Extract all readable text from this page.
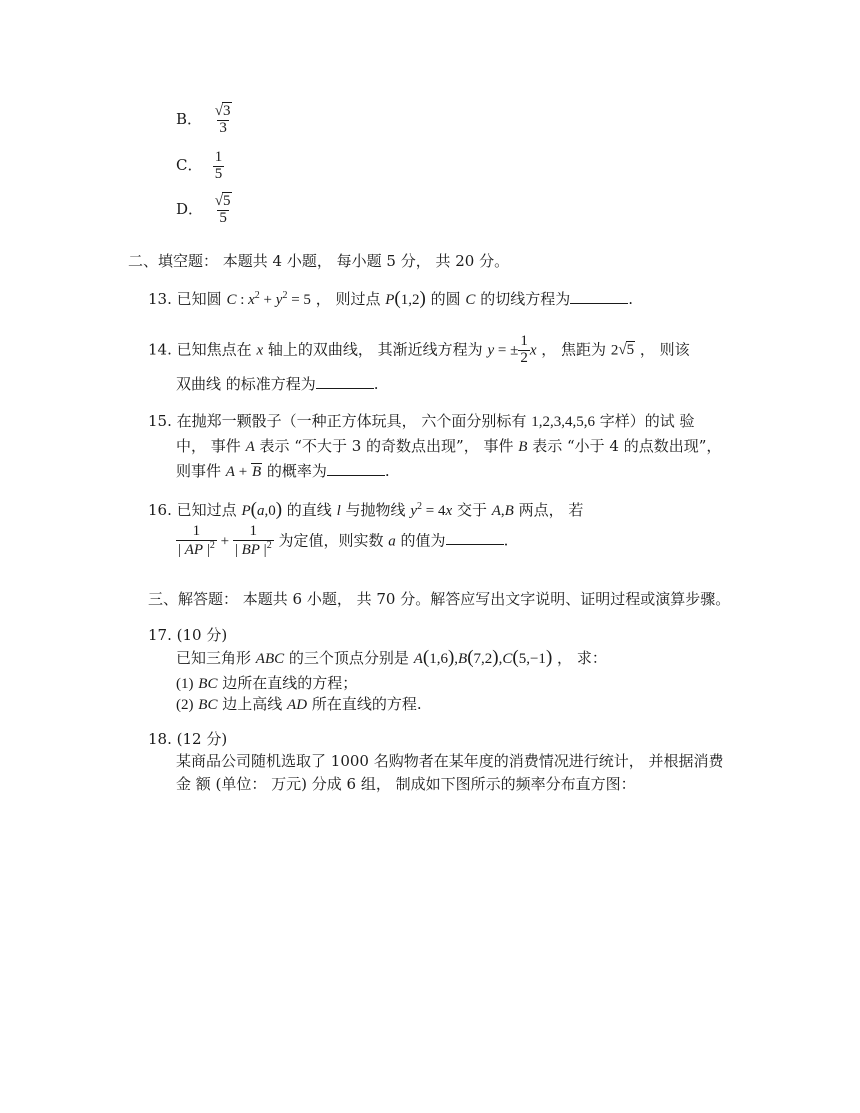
B． $\frac{√3}{3}$
C． $\frac{1}{5}$
D． $\frac{√5}{5}$
二、填空题： 本题共 4 小题， 每小题 5 分， 共 20 分。
13. 已知圆 C : $x^2 + y^2 = 5$ ， 则过点 P(1,2) 的圆 C 的切线方程为	.
14. 已知焦点在 x 轴上的双曲线， 其渐近线方程为 y = ± $\frac{1}{2}$ x ， 焦距为 2√5 ， 则该
双曲线 的标准方程为	.
15. 在抛郑一颗骰子（一种正方体玩具， 六个面分别标有 1,2,3,4,5,6 字样）的试 验
中， 事件 A 表示 “不大于 3 的奇数点出现”， 事件 B 表示 “小于 4 的点数出现”，
则事件 A + B 的概率为	.
16. 已知过点 P(a,0) 的直线 l 与抛物线 $y^2 = 4x$ 交于 A,B 两点， 若
$\frac{1}{| AP |^2} + \frac{1}{| BP |^2}$ 为定值，则实数 a 的值为	.
三、解答题： 本题共 6 小题， 共 70 分。解答应写出文字说明、证明过程或演算步骤。
17. (10 分)
已知三角形 ABC 的三个顶点分别是 A(1,6),B(7,2),C(5,−1) ， 求：
(1) BC 边所在直线的方程；
(2) BC 边上高线 AD 所在直线的方程.
18. (12 分)
某商品公司随机选取了 1000 名购物者在某年度的消费情况进行统计， 并根据消费
金 额 (单位： 万元) 分成 6 组， 制成如下图所示的频率分布直方图：
